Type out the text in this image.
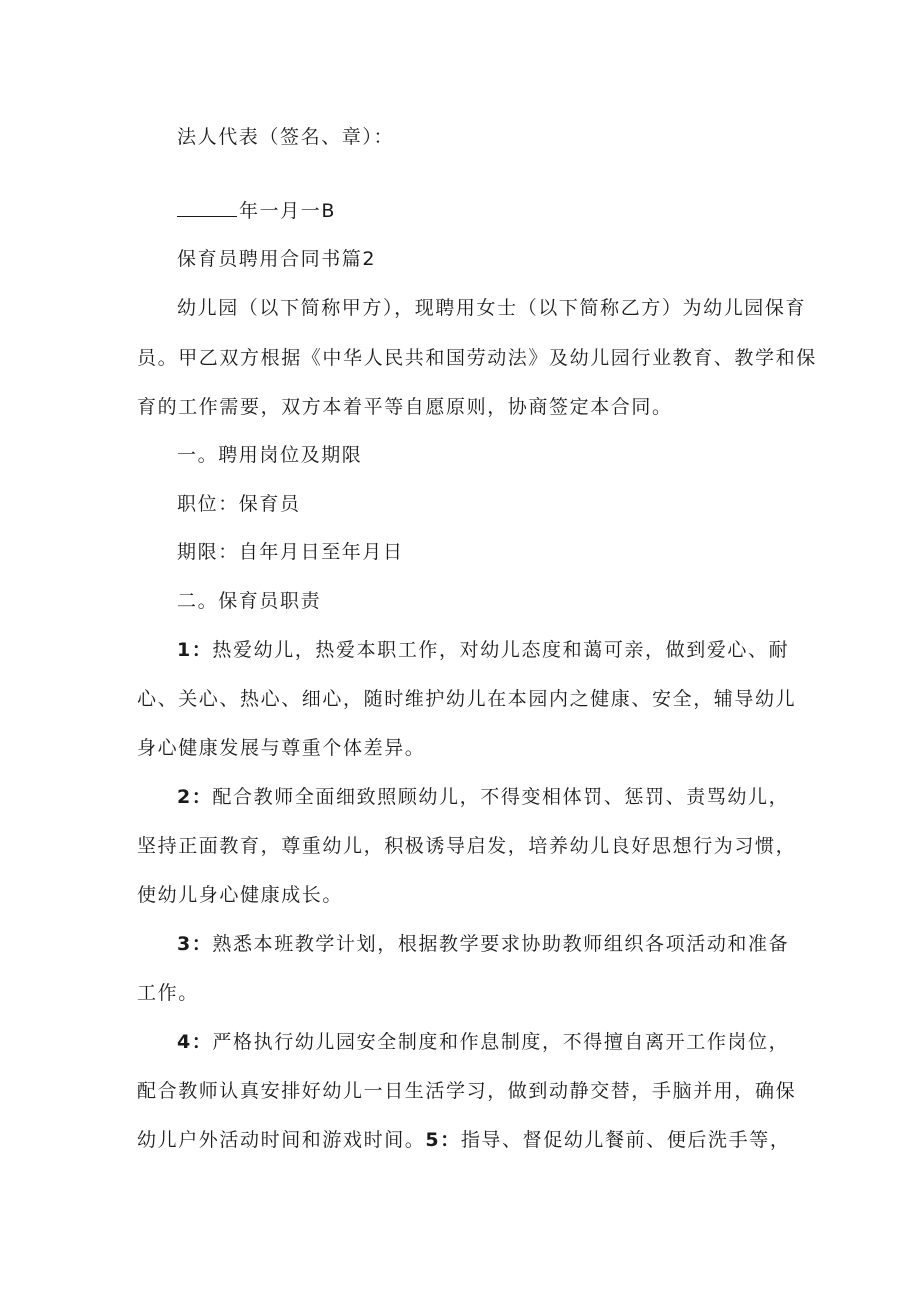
法人代表（签名、章）：
年一月一B
保育员聘用合同书篇2
幼儿园（以下简称甲方），现聘用女士（以下简称乙方）为幼儿园保育
员。甲乙双方根据《中华人民共和国劳动法》及幼儿园行业教育、教学和保
育的工作需要，双方本着平等自愿原则，协商签定本合同。
一。聘用岗位及期限
职位：保育员
期限：自年月日至年月日
二。保育员职责
1：热爱幼儿，热爱本职工作，对幼儿态度和蔼可亲，做到爱心、耐
心、关心、热心、细心，随时维护幼儿在本园内之健康、安全，辅导幼儿
身心健康发展与尊重个体差异。
2：配合教师全面细致照顾幼儿，不得变相体罚、惩罚、责骂幼儿，
坚持正面教育，尊重幼儿，积极诱导启发，培养幼儿良好思想行为习惯，
使幼儿身心健康成长。
3：熟悉本班教学计划，根据教学要求协助教师组织各项活动和准备
工作。
4：严格执行幼儿园安全制度和作息制度，不得擅自离开工作岗位，
配合教师认真安排好幼儿一日生活学习，做到动静交替，手脑并用，确保
幼儿户外活动时间和游戏时间。5：指导、督促幼儿餐前、便后洗手等，
